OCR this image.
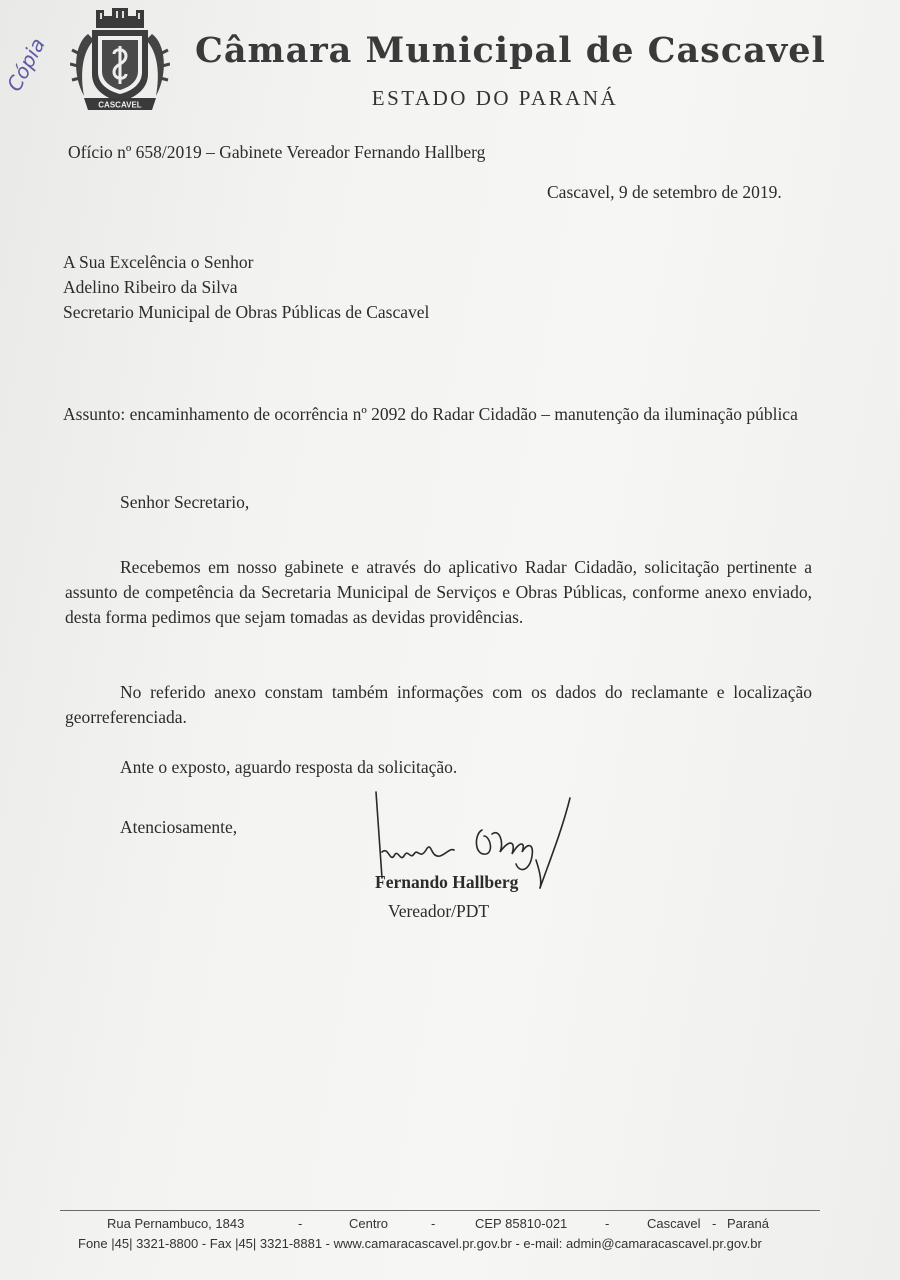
CASCAVEL
Câmara Municipal de Cascavel
ESTADO DO PARANÁ
Cópia
Ofício nº 658/2019 – Gabinete Vereador Fernando Hallberg
Cascavel, 9 de setembro de 2019.
A Sua Excelência o Senhor
Adelino Ribeiro da Silva
Secretario Municipal de Obras Públicas de Cascavel
Assunto: encaminhamento de ocorrência nº 2092 do Radar Cidadão – manutenção da iluminação pública
Senhor Secretario,
Recebemos em nosso gabinete e através do aplicativo Radar Cidadão, solicitação pertinente a assunto de competência da Secretaria Municipal de Serviços e Obras Públicas, conforme anexo enviado, desta forma pedimos que sejam tomadas as devidas providências.
No referido anexo constam também informações com os dados do reclamante e localização georreferenciada.
Ante o exposto, aguardo resposta da solicitação.
Atenciosamente,
Fernando Hallberg
Vereador/PDT
Rua Pernambuco, 1843	-	Centro	-	CEP 85810-021	-	Cascavel - Paraná
Fone |45| 3321-8800 - Fax |45| 3321-8881 - www.camaracascavel.pr.gov.br - e-mail: admin@camaracascavel.pr.gov.br
